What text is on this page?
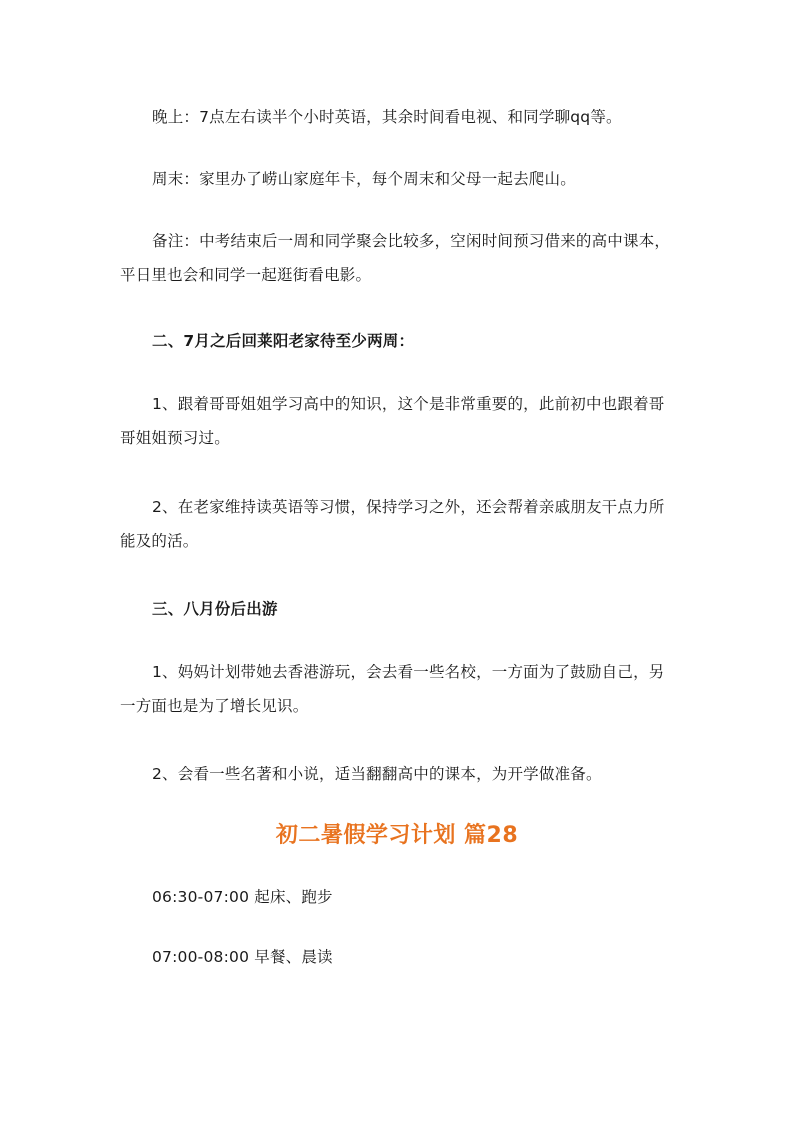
晚上：7点左右读半个小时英语，其余时间看电视、和同学聊qq等。

周末：家里办了崂山家庭年卡，每个周末和父母一起去爬山。

备注：中考结束后一周和同学聚会比较多，空闲时间预习借来的高中课本，平日里也会和同学一起逛街看电影。

二、7月之后回莱阳老家待至少两周：

1、跟着哥哥姐姐学习高中的知识，这个是非常重要的，此前初中也跟着哥哥姐姐预习过。

2、在老家维持读英语等习惯，保持学习之外，还会帮着亲戚朋友干点力所能及的活。

三、八月份后出游

1、妈妈计划带她去香港游玩，会去看一些名校，一方面为了鼓励自己，另一方面也是为了增长见识。

2、会看一些名著和小说，适当翻翻高中的课本，为开学做准备。

初二暑假学习计划 篇28

06:30-07:00 起床、跑步

07:00-08:00 早餐、晨读
